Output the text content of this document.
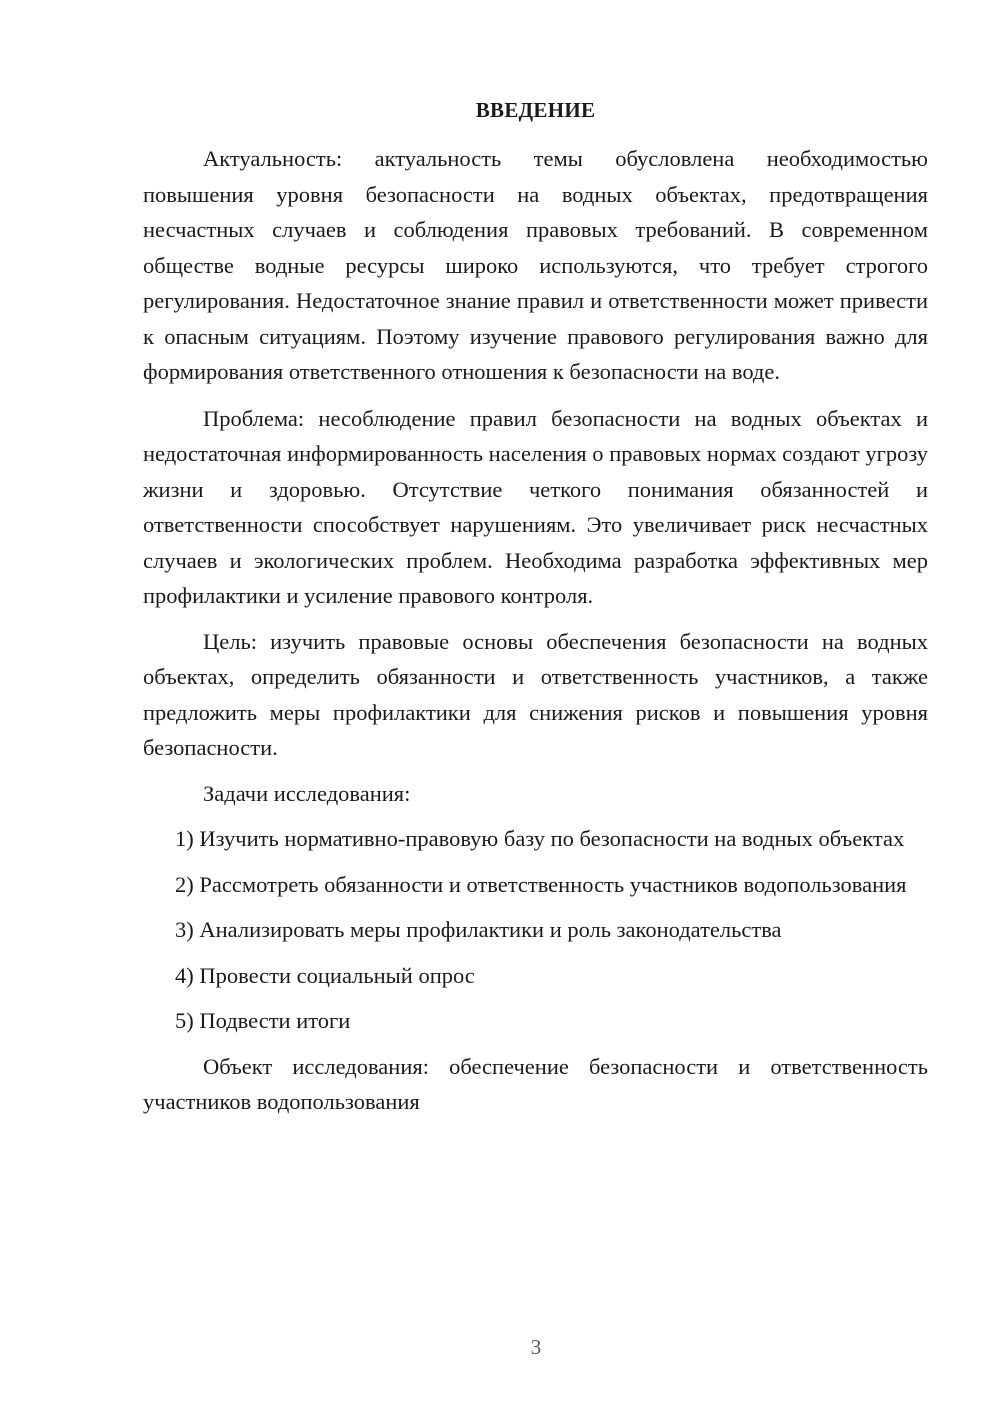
ВВЕДЕНИЕ

Актуальность: актуальность темы обусловлена необходимостью повышения уровня безопасности на водных объектах, предотвращения несчастных случаев и соблюдения правовых требований. В современном обществе водные ресурсы широко используются, что требует строгого регулирования. Недостаточное знание правил и ответственности может привести к опасным ситуациям. Поэтому изучение правового регулирования важно для формирования ответственного отношения к безопасности на воде.

Проблема: несоблюдение правил безопасности на водных объектах и недостаточная информированность населения о правовых нормах создают угрозу жизни и здоровью. Отсутствие четкого понимания обязанностей и ответственности способствует нарушениям. Это увеличивает риск несчастных случаев и экологических проблем. Необходима разработка эффективных мер профилактики и усиление правового контроля.

Цель: изучить правовые основы обеспечения безопасности на водных объектах, определить обязанности и ответственность участников, а также предложить меры профилактики для снижения рисков и повышения уровня безопасности.

Задачи исследования:

1) Изучить нормативно-правовую базу по безопасности на водных объектах

2) Рассмотреть обязанности и ответственность участников водопользования

3) Анализировать меры профилактики и роль законодательства

4) Провести социальный опрос

5) Подвести итоги

Объект исследования: обеспечение безопасности и ответственность участников водопользования

3
